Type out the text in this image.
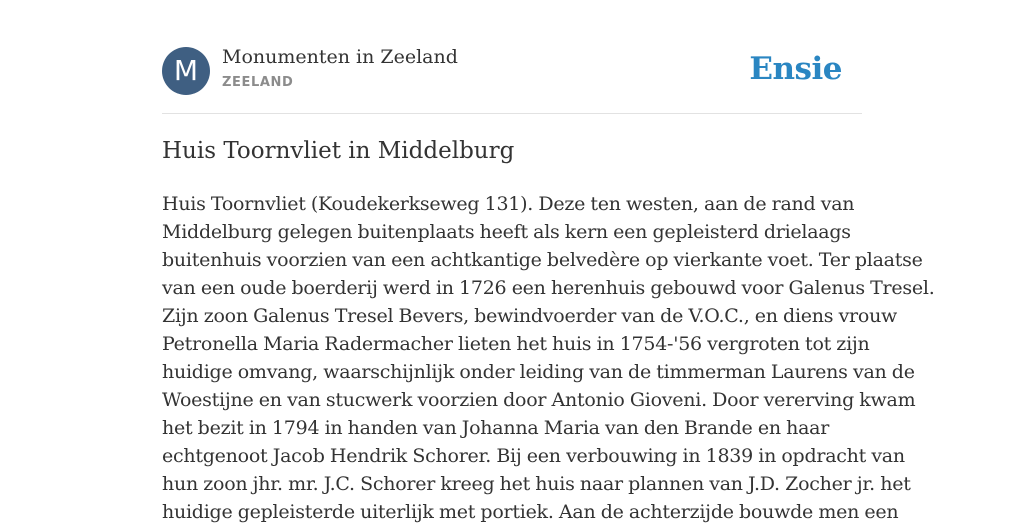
M	Monumenten in Zeeland
ZEELAND	Ensie
Huis Toornvliet in Middelburg
Huis Toornvliet (Koudekerkseweg 131). Deze ten westen, aan de rand van
Middelburg gelegen buitenplaats heeft als kern een gepleisterd drielaags
buitenhuis voorzien van een achtkantige belvedère op vierkante voet. Ter plaatse
van een oude boerderij werd in 1726 een herenhuis gebouwd voor Galenus Tresel.
Zijn zoon Galenus Tresel Bevers, bewindvoerder van de V.O.C., en diens vrouw
Petronella Maria Radermacher lieten het huis in 1754-'56 vergroten tot zijn
huidige omvang, waarschijnlijk onder leiding van de timmerman Laurens van de
Woestijne en van stucwerk voorzien door Antonio Gioveni. Door vererving kwam
het bezit in 1794 in handen van Johanna Maria van den Brande en haar
echtgenoot Jacob Hendrik Schorer. Bij een verbouwing in 1839 in opdracht van
hun zoon jhr. mr. J.C. Schorer kreeg het huis naar plannen van J.D. Zocher jr. het
huidige gepleisterde uiterlijk met portiek. Aan de achterzijde bouwde men een
